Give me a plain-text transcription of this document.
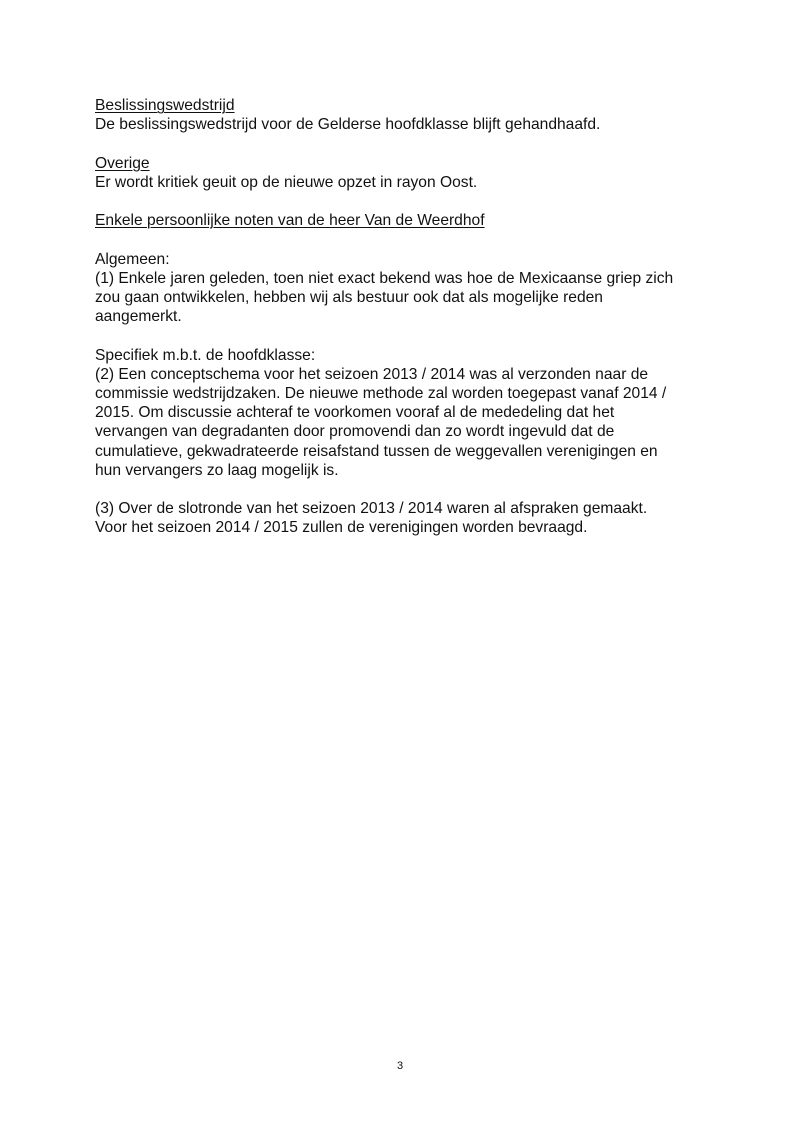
Beslissingswedstrijd
De beslissingswedstrijd voor de Gelderse hoofdklasse blijft gehandhaafd.
Overige
Er wordt kritiek geuit op de nieuwe opzet in rayon Oost.
Enkele persoonlijke noten van de heer Van de Weerdhof
Algemeen:
(1) Enkele jaren geleden, toen niet exact bekend was hoe de Mexicaanse griep zich
zou gaan ontwikkelen, hebben wij als bestuur ook dat als mogelijke reden
aangemerkt.
Specifiek m.b.t. de hoofdklasse:
(2) Een conceptschema voor het seizoen 2013 / 2014 was al verzonden naar de
commissie wedstrijdzaken. De nieuwe methode zal worden toegepast vanaf 2014 /
2015. Om discussie achteraf te voorkomen vooraf al de mededeling dat het
vervangen van degradanten door promovendi dan zo wordt ingevuld dat de
cumulatieve, gekwadrateerde reisafstand tussen de weggevallen verenigingen en
hun vervangers zo laag mogelijk is.
(3) Over de slotronde van het seizoen 2013 / 2014 waren al afspraken gemaakt.
Voor het seizoen 2014 / 2015 zullen de verenigingen worden bevraagd.
3
